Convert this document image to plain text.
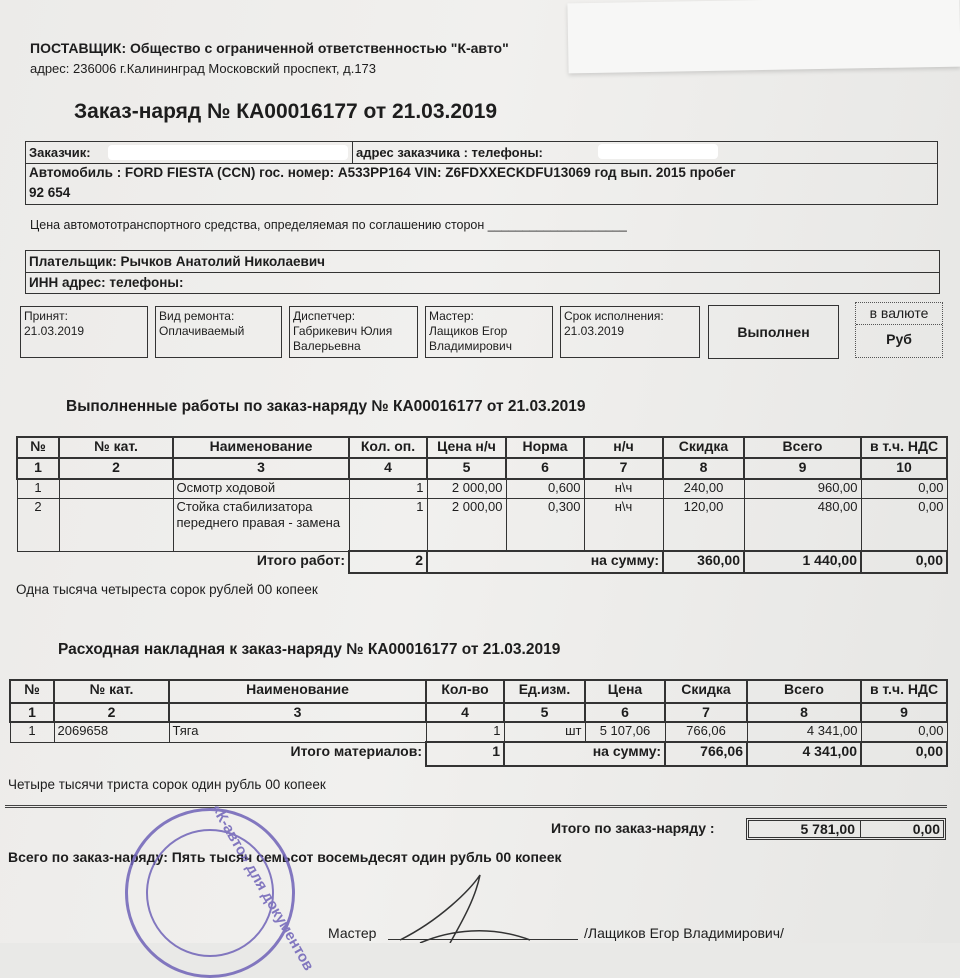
ПОСТАВЩИК: Общество с ограниченной ответственностью "К-авто"
адрес: 236006 г.Калининград Московский проспект, д.173
Заказ-наряд № КА00016177 от 21.03.2019
Заказчик:	адрес заказчика : телефоны:
Автомобиль : FORD FIESTA (CCN) гос. номер: A533PP164 VIN: Z6FDXXECKDFU13069 год вып. 2015 пробег
92 654
Цена автомототранспортного средства, определяемая по соглашению сторон ____________________
Плательщик: Рычков Анатолий Николаевич
ИНН адрес: телефоны:
Принят:
21.03.2019
Вид ремонта:
Оплачиваемый
Диспетчер:
Габрикевич Юлия Валерьевна
Мастер:
Лащиков Егор Владимирович
Срок исполнения:
21.03.2019	Выполнен
в валюте
Руб
Выполненные работы по заказ-наряду № КА00016177 от 21.03.2019
№	№ кат.	Наименование	Кол. оп.	Цена н/ч	Норма	н/ч	Скидка	Всего	в т.ч. НДС
1	2	3	4	5	6	7	8	9	10
1		Осмотр ходовой	1	2 000,00	0,600	н\ч	240,00	960,00	0,00
2		Стойка стабилизатора переднего правая - замена	1	2 000,00	0,300	н\ч	120,00	480,00	0,00
		Итого работ:	2	на сумму:			360,00	1 440,00	0,00
Одна тысяча четыреста сорок рублей 00 копеек
Расходная накладная к заказ-наряду № КА00016177 от 21.03.2019
№	№ кат.	Наименование	Кол-во	Ед.изм.	Цена	Скидка	Всего	в т.ч. НДС
1	2	3	4	5	6	7	8	9
1	2069658	Тяга	1	шт	5 107,06	766,06	4 341,00	0,00
		Итого материалов:	1	на сумму:		766,06	4 341,00	0,00
Четыре тысячи триста сорок один рубль 00 копеек
Итого по заказ-наряду :	5 781,00	0,00
Всего по заказ-наряду: Пять тысяч семьсот восемьдесят один рубль 00 копеек
«К-авто» для документов Мастер	/Лащиков Егор Владимирович/
